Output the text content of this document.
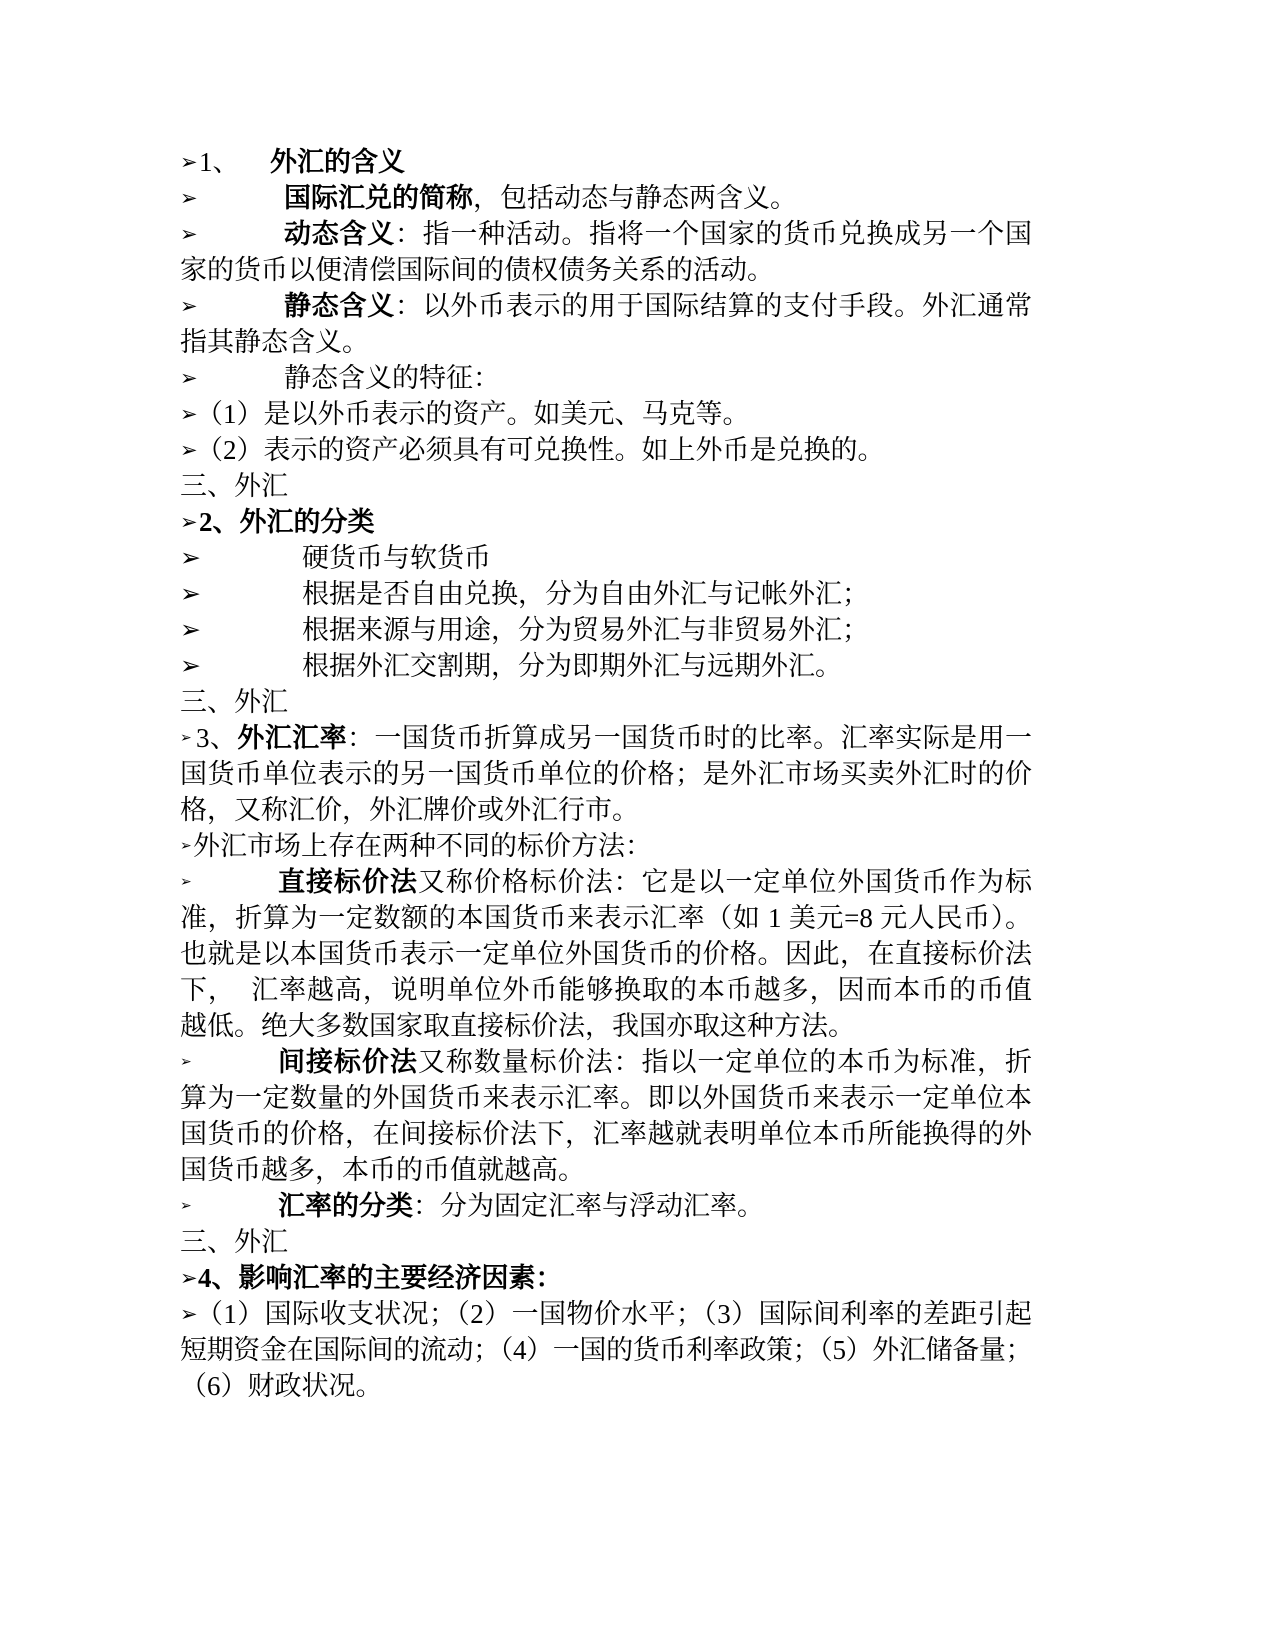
➢
1、 外汇的含义
➢
国际汇兑的简称，包括动态与静态两含义。
➢
动态含义：指一种活动。指将一个国家的货币兑换成另一个国
家的货币以便清偿国际间的债权债务关系的活动。
➢
静态含义：以外币表示的用于国际结算的支付手段。外汇通常
指其静态含义。
➢
静态含义的特征：
➢
（1）是以外币表示的资产。如美元、马克等。
➢
（2）表示的资产必须具有可兑换性。如上外币是兑换的。
三、外汇
➢
2、外汇的分类
➢
硬货币与软货币
➢
根据是否自由兑换，分为自由外汇与记帐外汇；
➢
根据来源与用途，分为贸易外汇与非贸易外汇；
➢
根据外汇交割期，分为即期外汇与远期外汇。
三、外汇
➢
3、外汇汇率：一国货币折算成另一国货币时的比率。汇率实际是用一
国货币单位表示的另一国货币单位的价格；是外汇市场买卖外汇时的价
格，又称汇价，外汇牌价或外汇行市。
➢
外汇市场上存在两种不同的标价方法：
➢
直接标价法又称价格标价法：它是以一定单位外国货币作为标
准，折算为一定数额的本国货币来表示汇率（如 1 美元=8 元人民币）。
也就是以本国货币表示一定单位外国货币的价格。因此，在直接标价法
下，  汇率越高，说明单位外币能够换取的本币越多，因而本币的币值
越低。绝大多数国家取直接标价法，我国亦取这种方法。
➢
间接标价法又称数量标价法：指以一定单位的本币为标准，折
算为一定数量的外国货币来表示汇率。即以外国货币来表示一定单位本
国货币的价格，在间接标价法下，汇率越就表明单位本币所能换得的外
国货币越多，本币的币值就越高。
➢
汇率的分类：分为固定汇率与浮动汇率。
三、外汇
➢
4、影响汇率的主要经济因素：
➢
（1）国际收支状况；（2）一国物价水平；（3）国际间利率的差距引起
短期资金在国际间的流动；（4）一国的货币利率政策；（5）外汇储备量；
（6）财政状况。
